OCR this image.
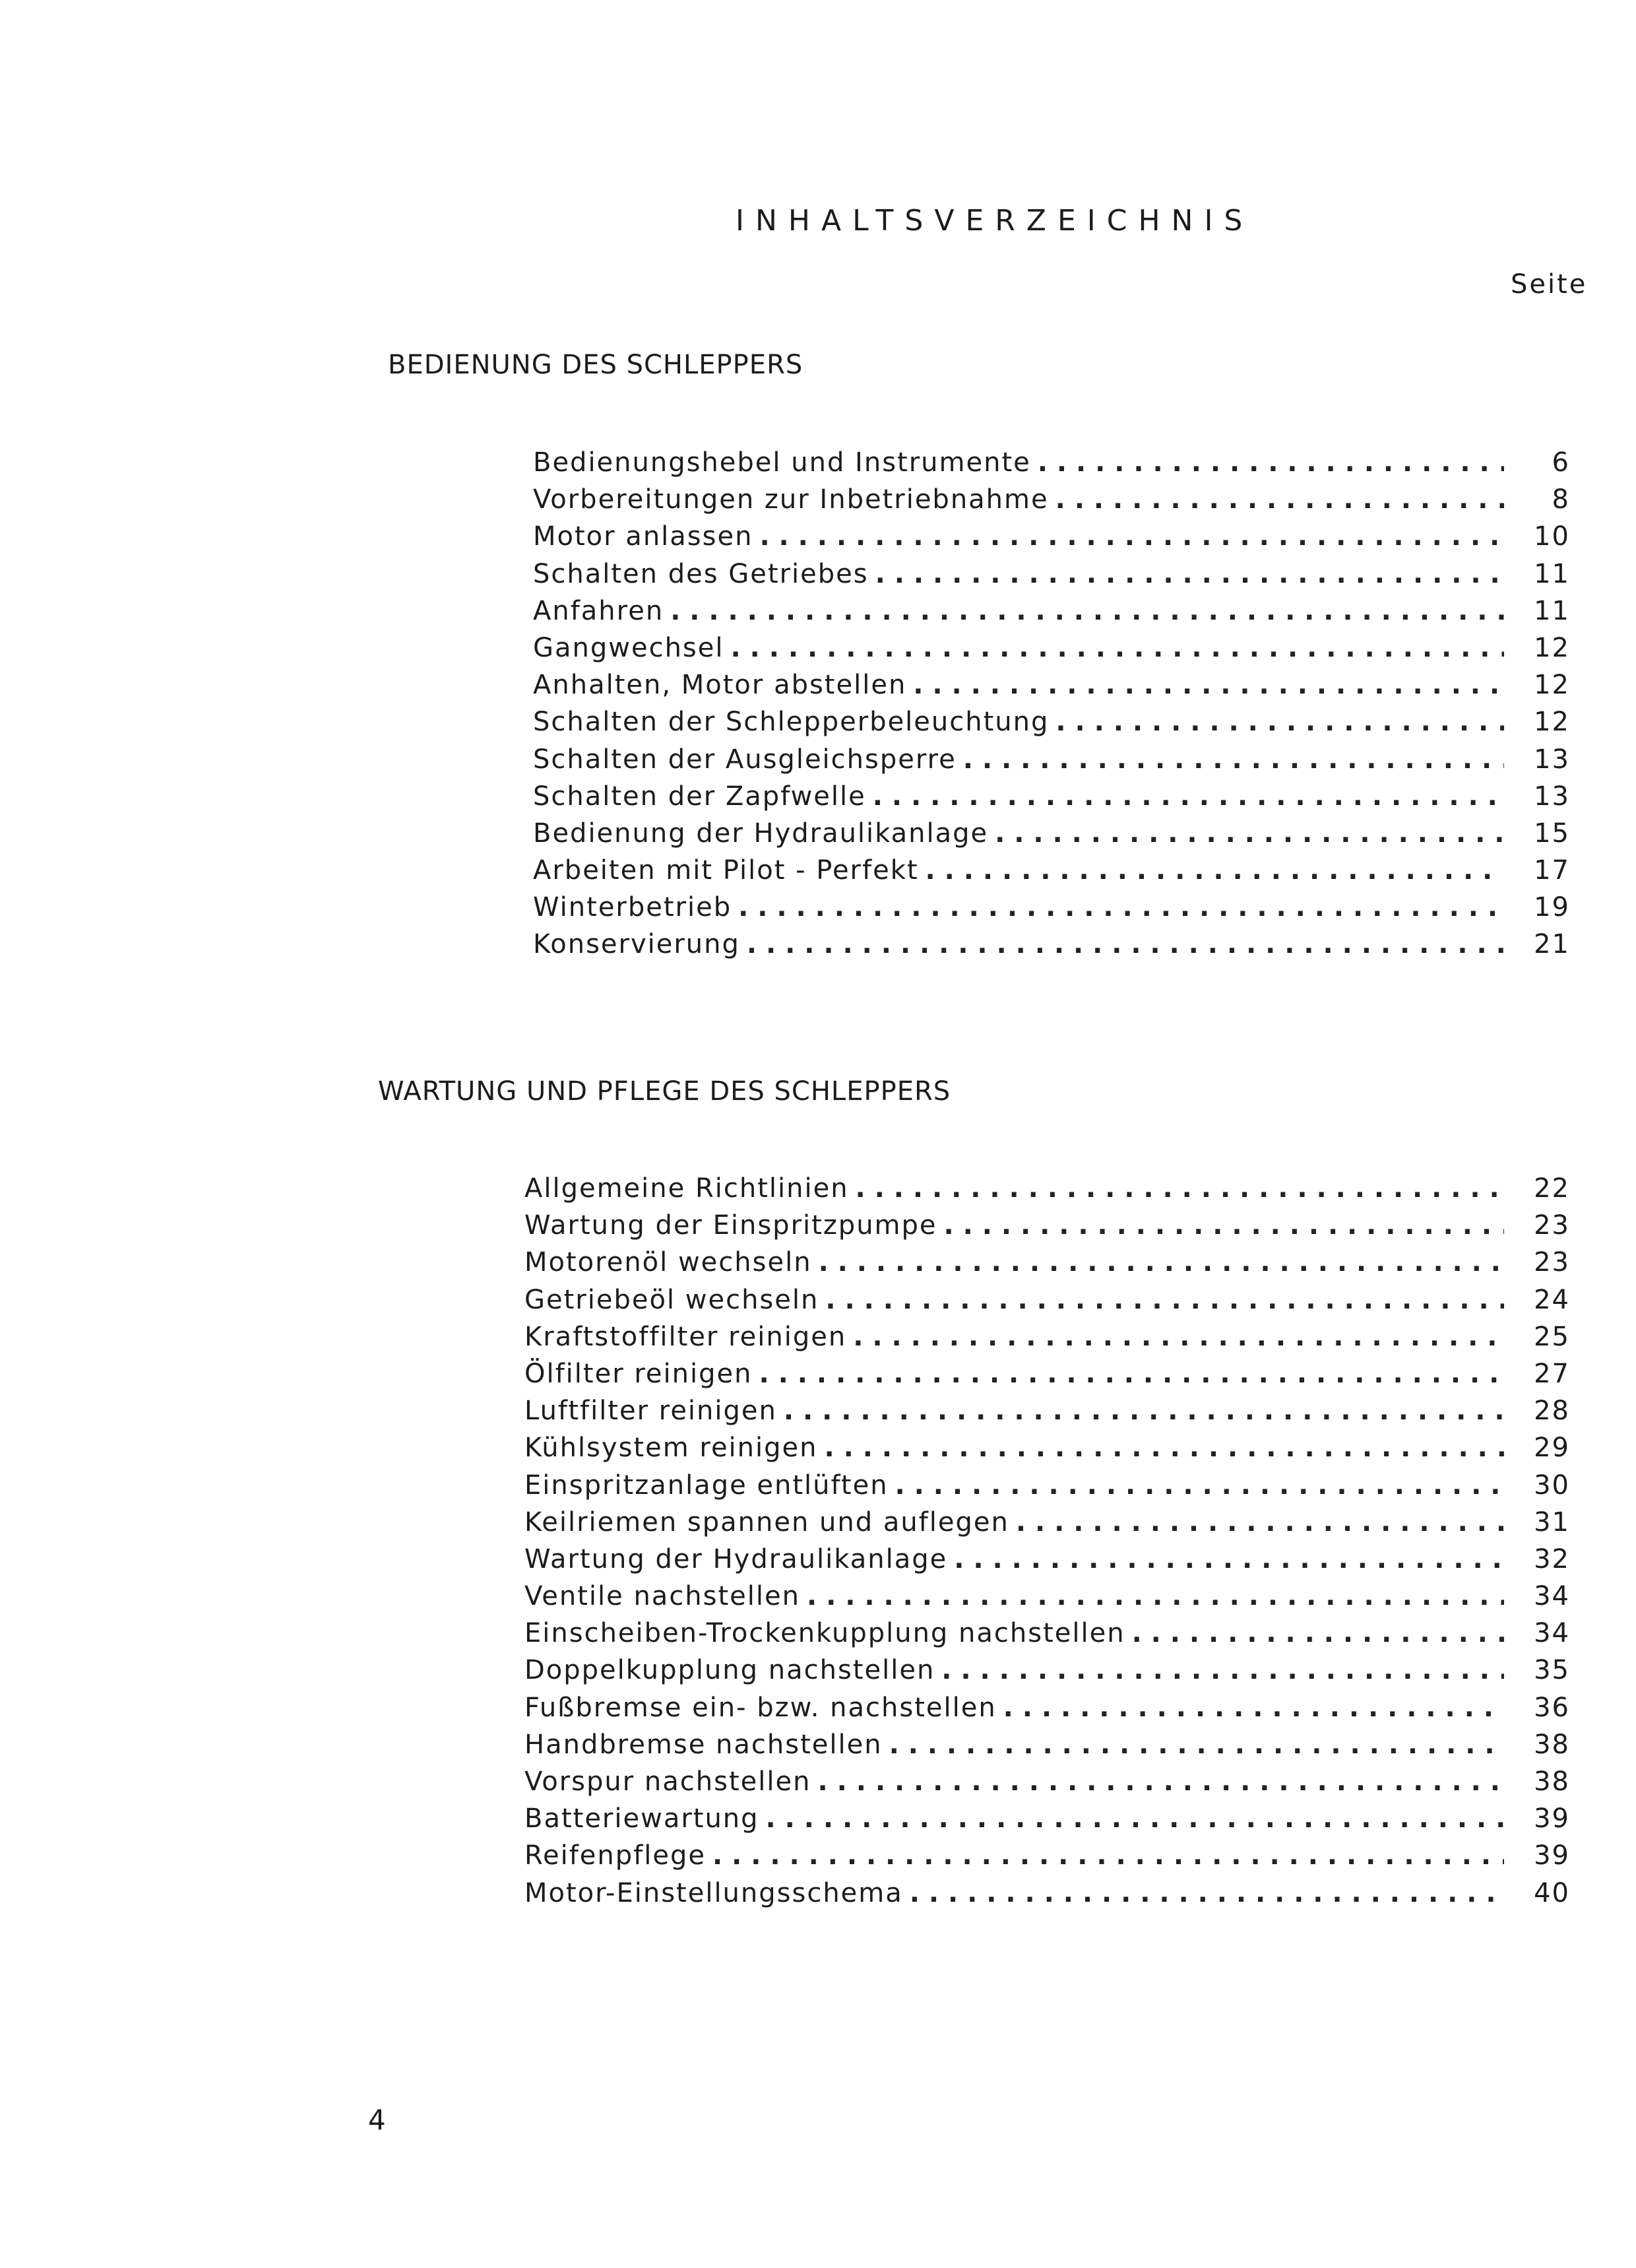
INHALTSVERZEICHNIS
Seite
BEDIENUNG DES SCHLEPPERS
Bedienungshebel und Instrumente . . .	6
Vorbereitungen zur Inbetriebnahme . . .	8
Motor anlassen . . .	10
Schalten des Getriebes . . .	11
Anfahren . . .	11
Gangwechsel . . .	12
Anhalten, Motor abstellen . . .	12
Schalten der Schlepperbeleuchtung . . .	12
Schalten der Ausgleichsperre . . .	13
Schalten der Zapfwelle . . .	13
Bedienung der Hydraulikanlage . . .	15
Arbeiten mit Pilot - Perfekt . . .	17
Winterbetrieb . . .	19
Konservierung . . .	21
WARTUNG UND PFLEGE DES SCHLEPPERS
Allgemeine Richtlinien . . .	22
Wartung der Einspritzpumpe . . .	23
Motorenöl wechseln . . .	23
Getriebeöl wechseln . . .	24
Kraftstoffilter reinigen . . .	25
Ölfilter reinigen . . .	27
Luftfilter reinigen . . .	28
Kühlsystem reinigen . . .	29
Einspritzanlage entlüften . . .	30
Keilriemen spannen und auflegen . . .	31
Wartung der Hydraulikanlage . . .	32
Ventile nachstellen . . .	34
Einscheiben-Trockenkupplung nachstellen . . .	34
Doppelkupplung nachstellen . . .	35
Fußbremse ein- bzw. nachstellen . . .	36
Handbremse nachstellen . . .	38
Vorspur nachstellen . . .	38
Batteriewartung . . .	39
Reifenpflege . . .	39
Motor-Einstellungsschema . . .	40
4
